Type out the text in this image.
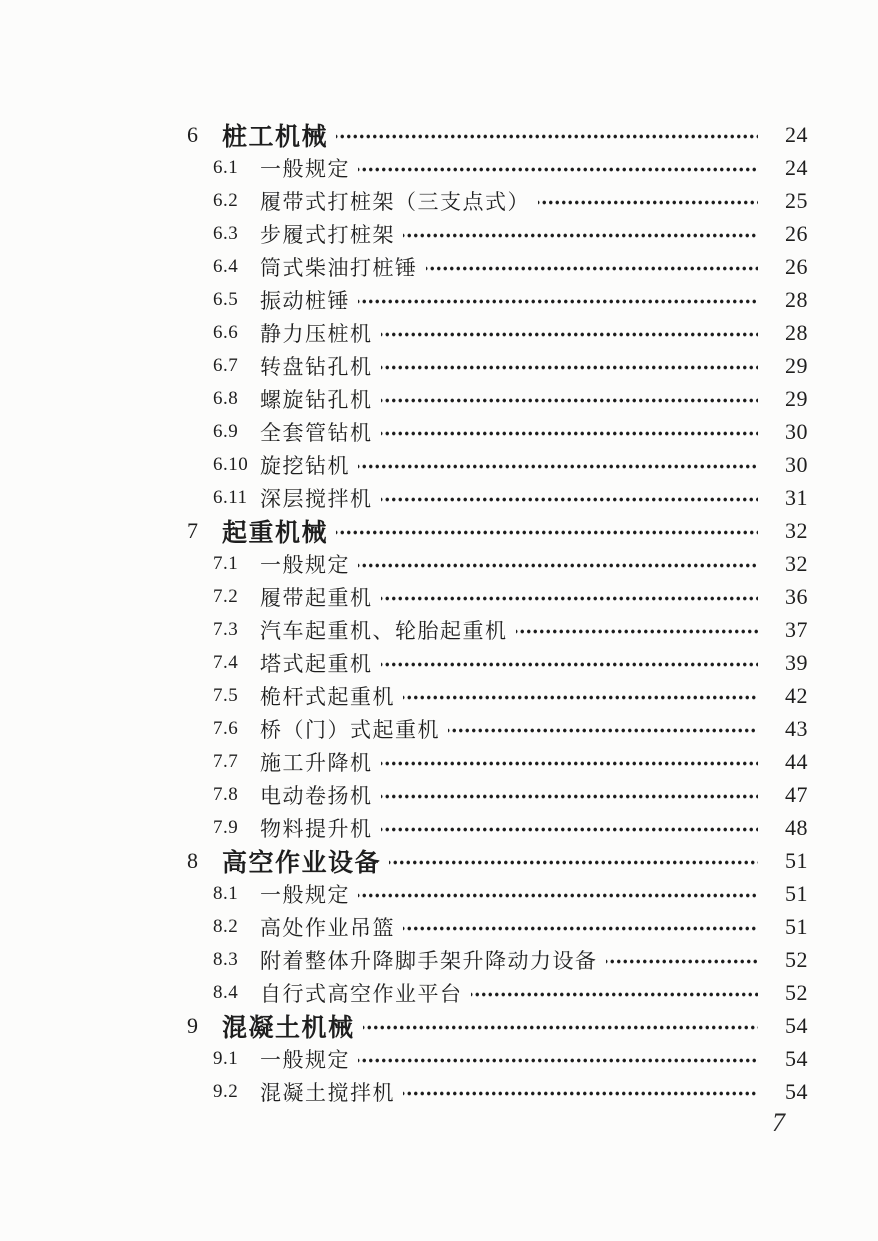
6 桩工机械	24
6.1	一般规定	24
6.2	履带式打桩架（三支点式）	25
6.3	步履式打桩架	26
6.4	筒式柴油打桩锤	26
6.5	振动桩锤	28
6.6	静力压桩机	28
6.7	转盘钻孔机	29
6.8	螺旋钻孔机	29
6.9	全套管钻机	30
6.10 旋挖钻机	30
6.11 深层搅拌机	31
7 起重机械	32
7.1	一般规定	32
7.2	履带起重机	36
7.3	汽车起重机、轮胎起重机	37
7.4	塔式起重机	39
7.5	桅杆式起重机	42
7.6	桥（门）式起重机	43
7.7	施工升降机	44
7.8	电动卷扬机	47
7.9	物料提升机	48
8 高空作业设备	51
8.1	一般规定	51
8.2	高处作业吊篮	51
8.3	附着整体升降脚手架升降动力设备	52
8.4	自行式高空作业平台	52
9 混凝土机械	54
9.1	一般规定	54
9.2	混凝土搅拌机	54
7
